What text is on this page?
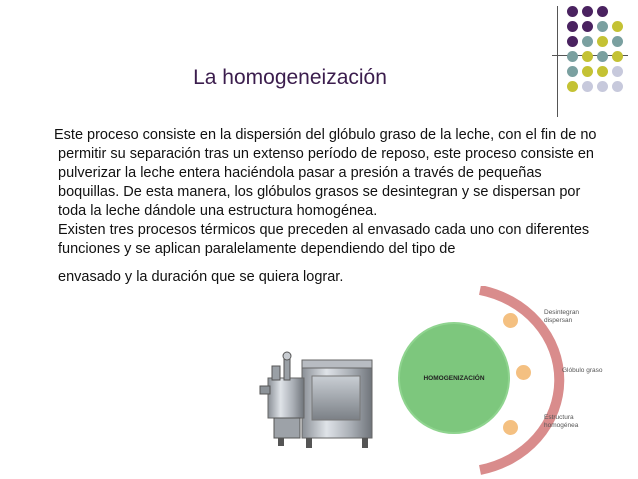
La homogeneización

Este proceso consiste en la dispersión del glóbulo graso de la leche, con el fin de no permitir su separación tras un extenso período de reposo, este proceso consiste en pulverizar la leche entera haciéndola pasar a presión a través de pequeñas boquillas. De esta manera, los glóbulos grasos se desintegran y se dispersan por toda la leche dándole una estructura homogénea.

Existen tres procesos térmicos que preceden al envasado cada uno con diferentes funciones y se aplican paralelamente dependiendo del tipo de

envasado y la duración que se quiera lograr.

HOMOGENIZACIÓN
Desintegran
dispersan
Glóbulo graso
Estructura
homogénea
